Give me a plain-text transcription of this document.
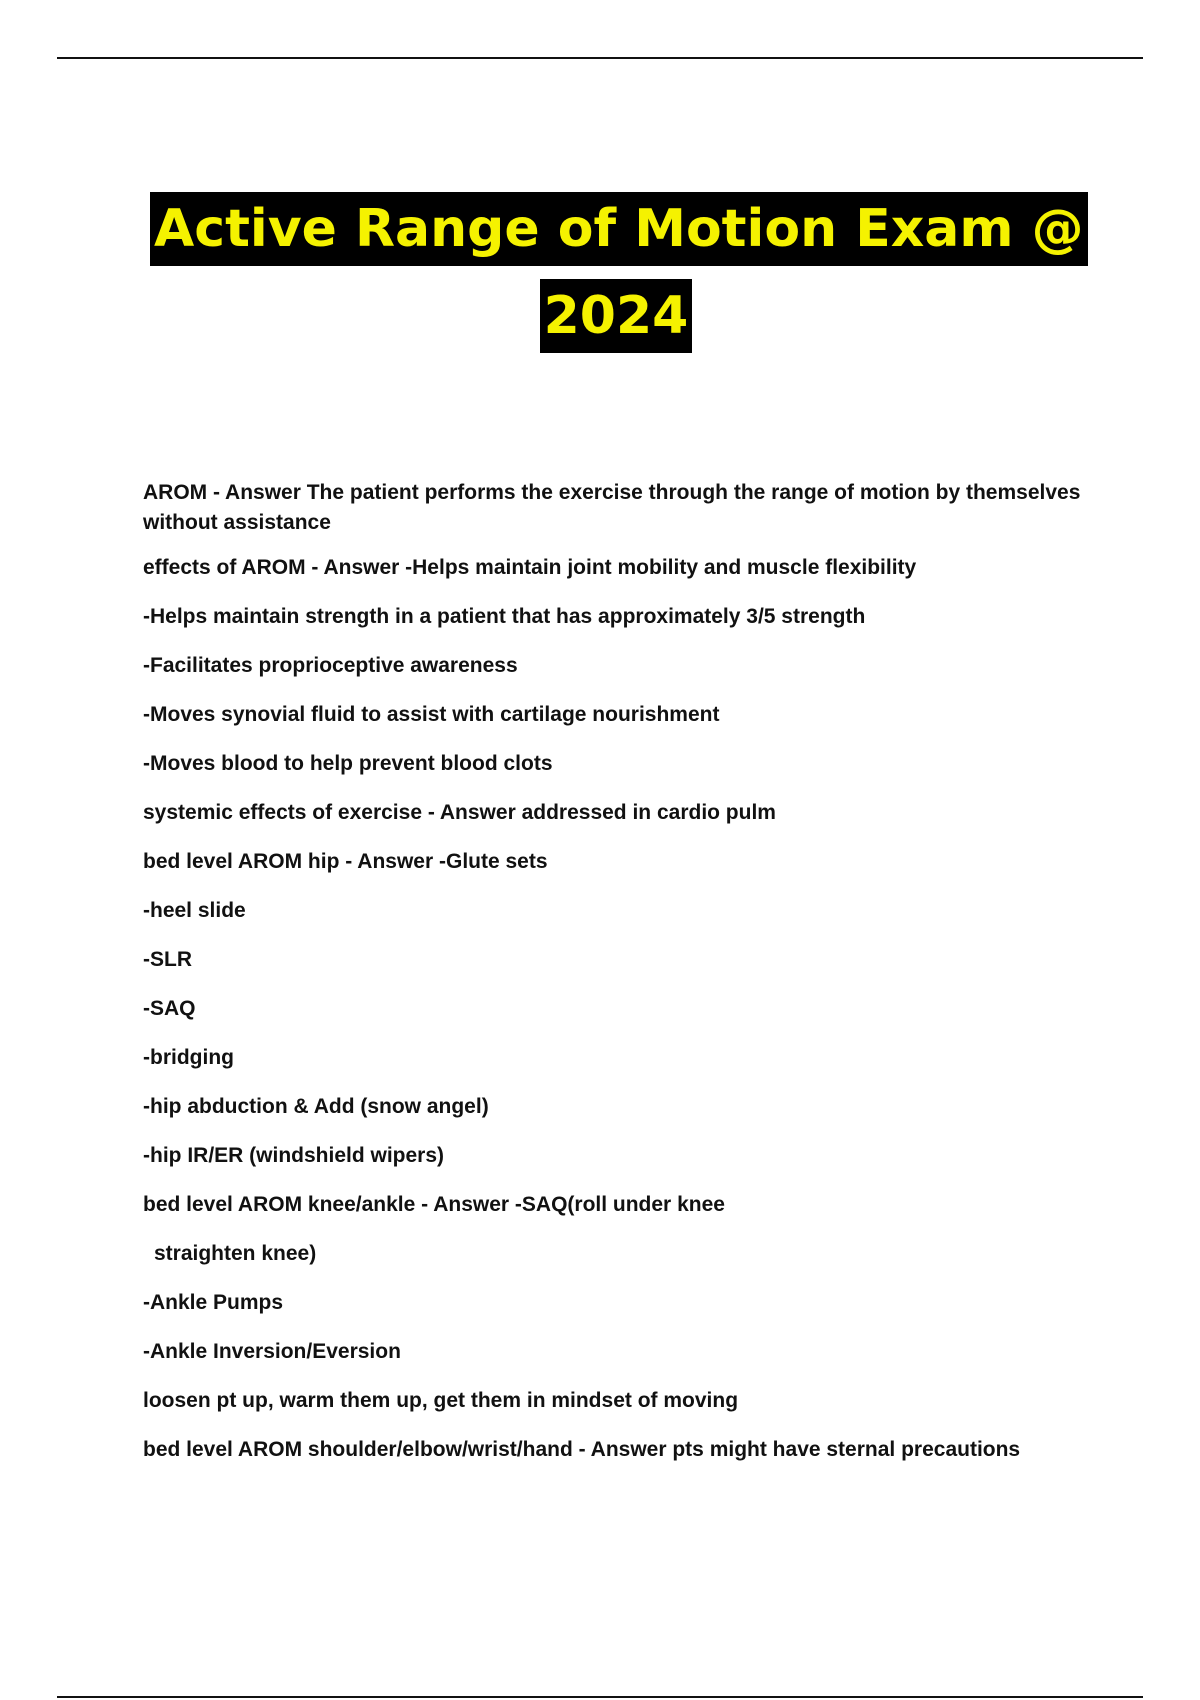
Active Range of Motion Exam @
2024

AROM - Answer The patient performs the exercise through the range of motion by themselves without assistance

effects of AROM - Answer -Helps maintain joint mobility and muscle flexibility

-Helps maintain strength in a patient that has approximately 3/5 strength

-Facilitates proprioceptive awareness

-Moves synovial fluid to assist with cartilage nourishment

-Moves blood to help prevent blood clots

systemic effects of exercise - Answer addressed in cardio pulm

bed level AROM hip - Answer -Glute sets

-heel slide

-SLR

-SAQ

-bridging

-hip abduction & Add (snow angel)

-hip IR/ER (windshield wipers)

bed level AROM knee/ankle - Answer -SAQ(roll under knee

straighten knee)

-Ankle Pumps

-Ankle Inversion/Eversion

loosen pt up, warm them up, get them in mindset of moving

bed level AROM shoulder/elbow/wrist/hand - Answer pts might have sternal precautions
